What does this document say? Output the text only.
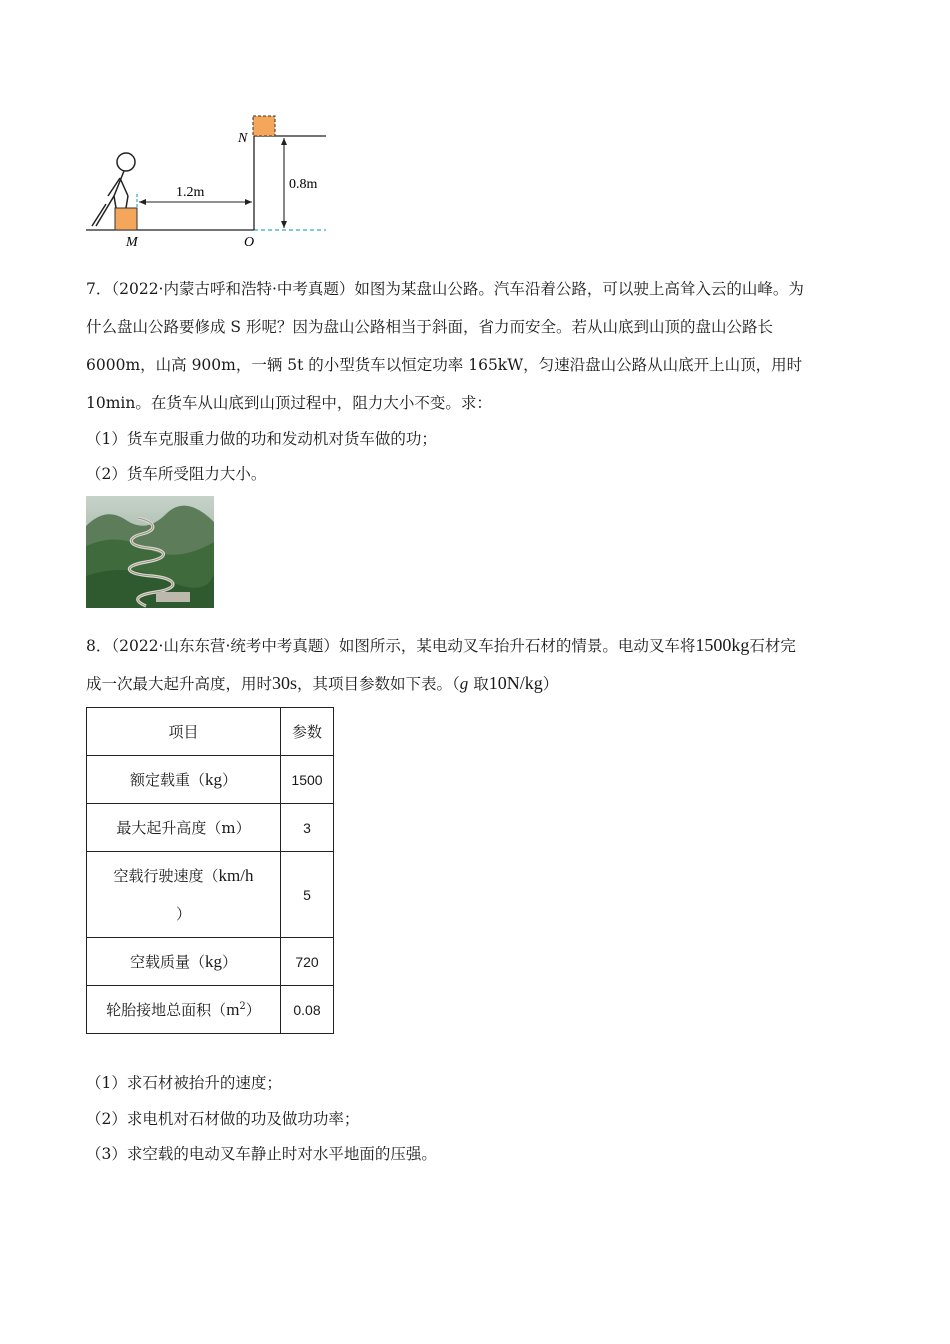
1.2m
0.8m
N
M	O
7．（2022·内蒙古呼和浩特·中考真题）如图为某盘山公路。汽车沿着公路，可以驶上高耸入云的山峰。为
什么盘山公路要修成 S 形呢？因为盘山公路相当于斜面，省力而安全。若从山底到山顶的盘山公路长
6000m，山高 900m，一辆 5t 的小型货车以恒定功率 165kW，匀速沿盘山公路从山底开上山顶，用时
10min。在货车从山底到山顶过程中，阻力大小不变。求：
（1）货车克服重力做的功和发动机对货车做的功；
（2）货车所受阻力大小。
8．（2022·山东东营·统考中考真题）如图所示，某电动叉车抬升石材的情景。电动叉车将1500kg石材完
成一次最大起升高度，用时30s，其项目参数如下表。（g 取10N/kg）
项目	参数
额定载重（kg）	1500
最大起升高度（m）	3
空载行驶速度（km/h
）	5
空载质量（kg）	720
轮胎接地总面积$(m^2)$	0.08
（1）求石材被抬升的速度；
（2）求电机对石材做的功及做功功率；
（3）求空载的电动叉车静止时对水平地面的压强。
